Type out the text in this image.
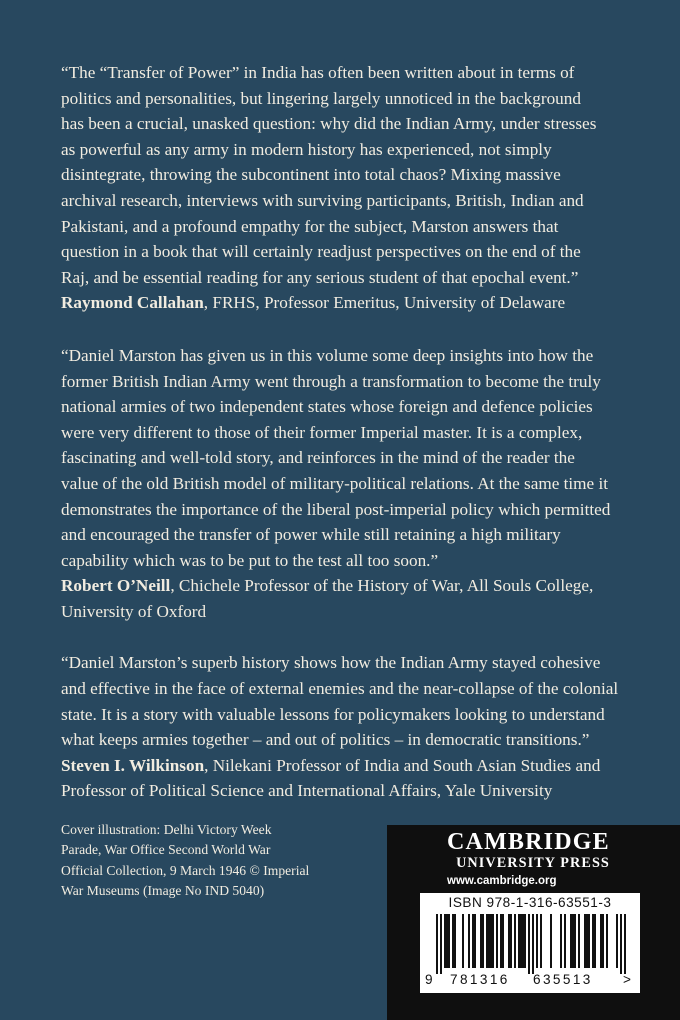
“The “Transfer of Power” in India has often been written about in terms of

politics and personalities, but lingering largely unnoticed in the background

has been a crucial, unasked question: why did the Indian Army, under stresses

as powerful as any army in modern history has experienced, not simply

disintegrate, throwing the subcontinent into total chaos? Mixing massive

archival research, interviews with surviving participants, British, Indian and

Pakistani, and a profound empathy for the subject, Marston answers that

question in a book that will certainly readjust perspectives on the end of the

Raj, and be essential reading for any serious student of that epochal event.”

Raymond Callahan, FRHS, Professor Emeritus, University of Delaware

“Daniel Marston has given us in this volume some deep insights into how the

former British Indian Army went through a transformation to become the truly

national armies of two independent states whose foreign and defence policies

were very different to those of their former Imperial master. It is a complex,

fascinating and well-told story, and reinforces in the mind of the reader the

value of the old British model of military-political relations. At the same time it

demonstrates the importance of the liberal post-imperial policy which permitted

and encouraged the transfer of power while still retaining a high military

capability which was to be put to the test all too soon.”

Robert O’Neill, Chichele Professor of the History of War, All Souls College,
University of Oxford

“Daniel Marston’s superb history shows how the Indian Army stayed cohesive

and effective in the face of external enemies and the near-collapse of the colonial

state. It is a story with valuable lessons for policymakers looking to understand

what keeps armies together – and out of politics – in democratic transitions.”

Steven I. Wilkinson, Nilekani Professor of India and South Asian Studies and
Professor of Political Science and International Affairs, Yale University
Cover illustration: Delhi Victory Week
Parade, War Office Second World War
Official Collection, 9 March 1946 © Imperial
War Museums (Image No IND 5040)
CAMBRIDGE
UNIVERSITY PRESS
www.cambridge.org
ISBN 978-1-316-63551-3
9 781316 635513 >
